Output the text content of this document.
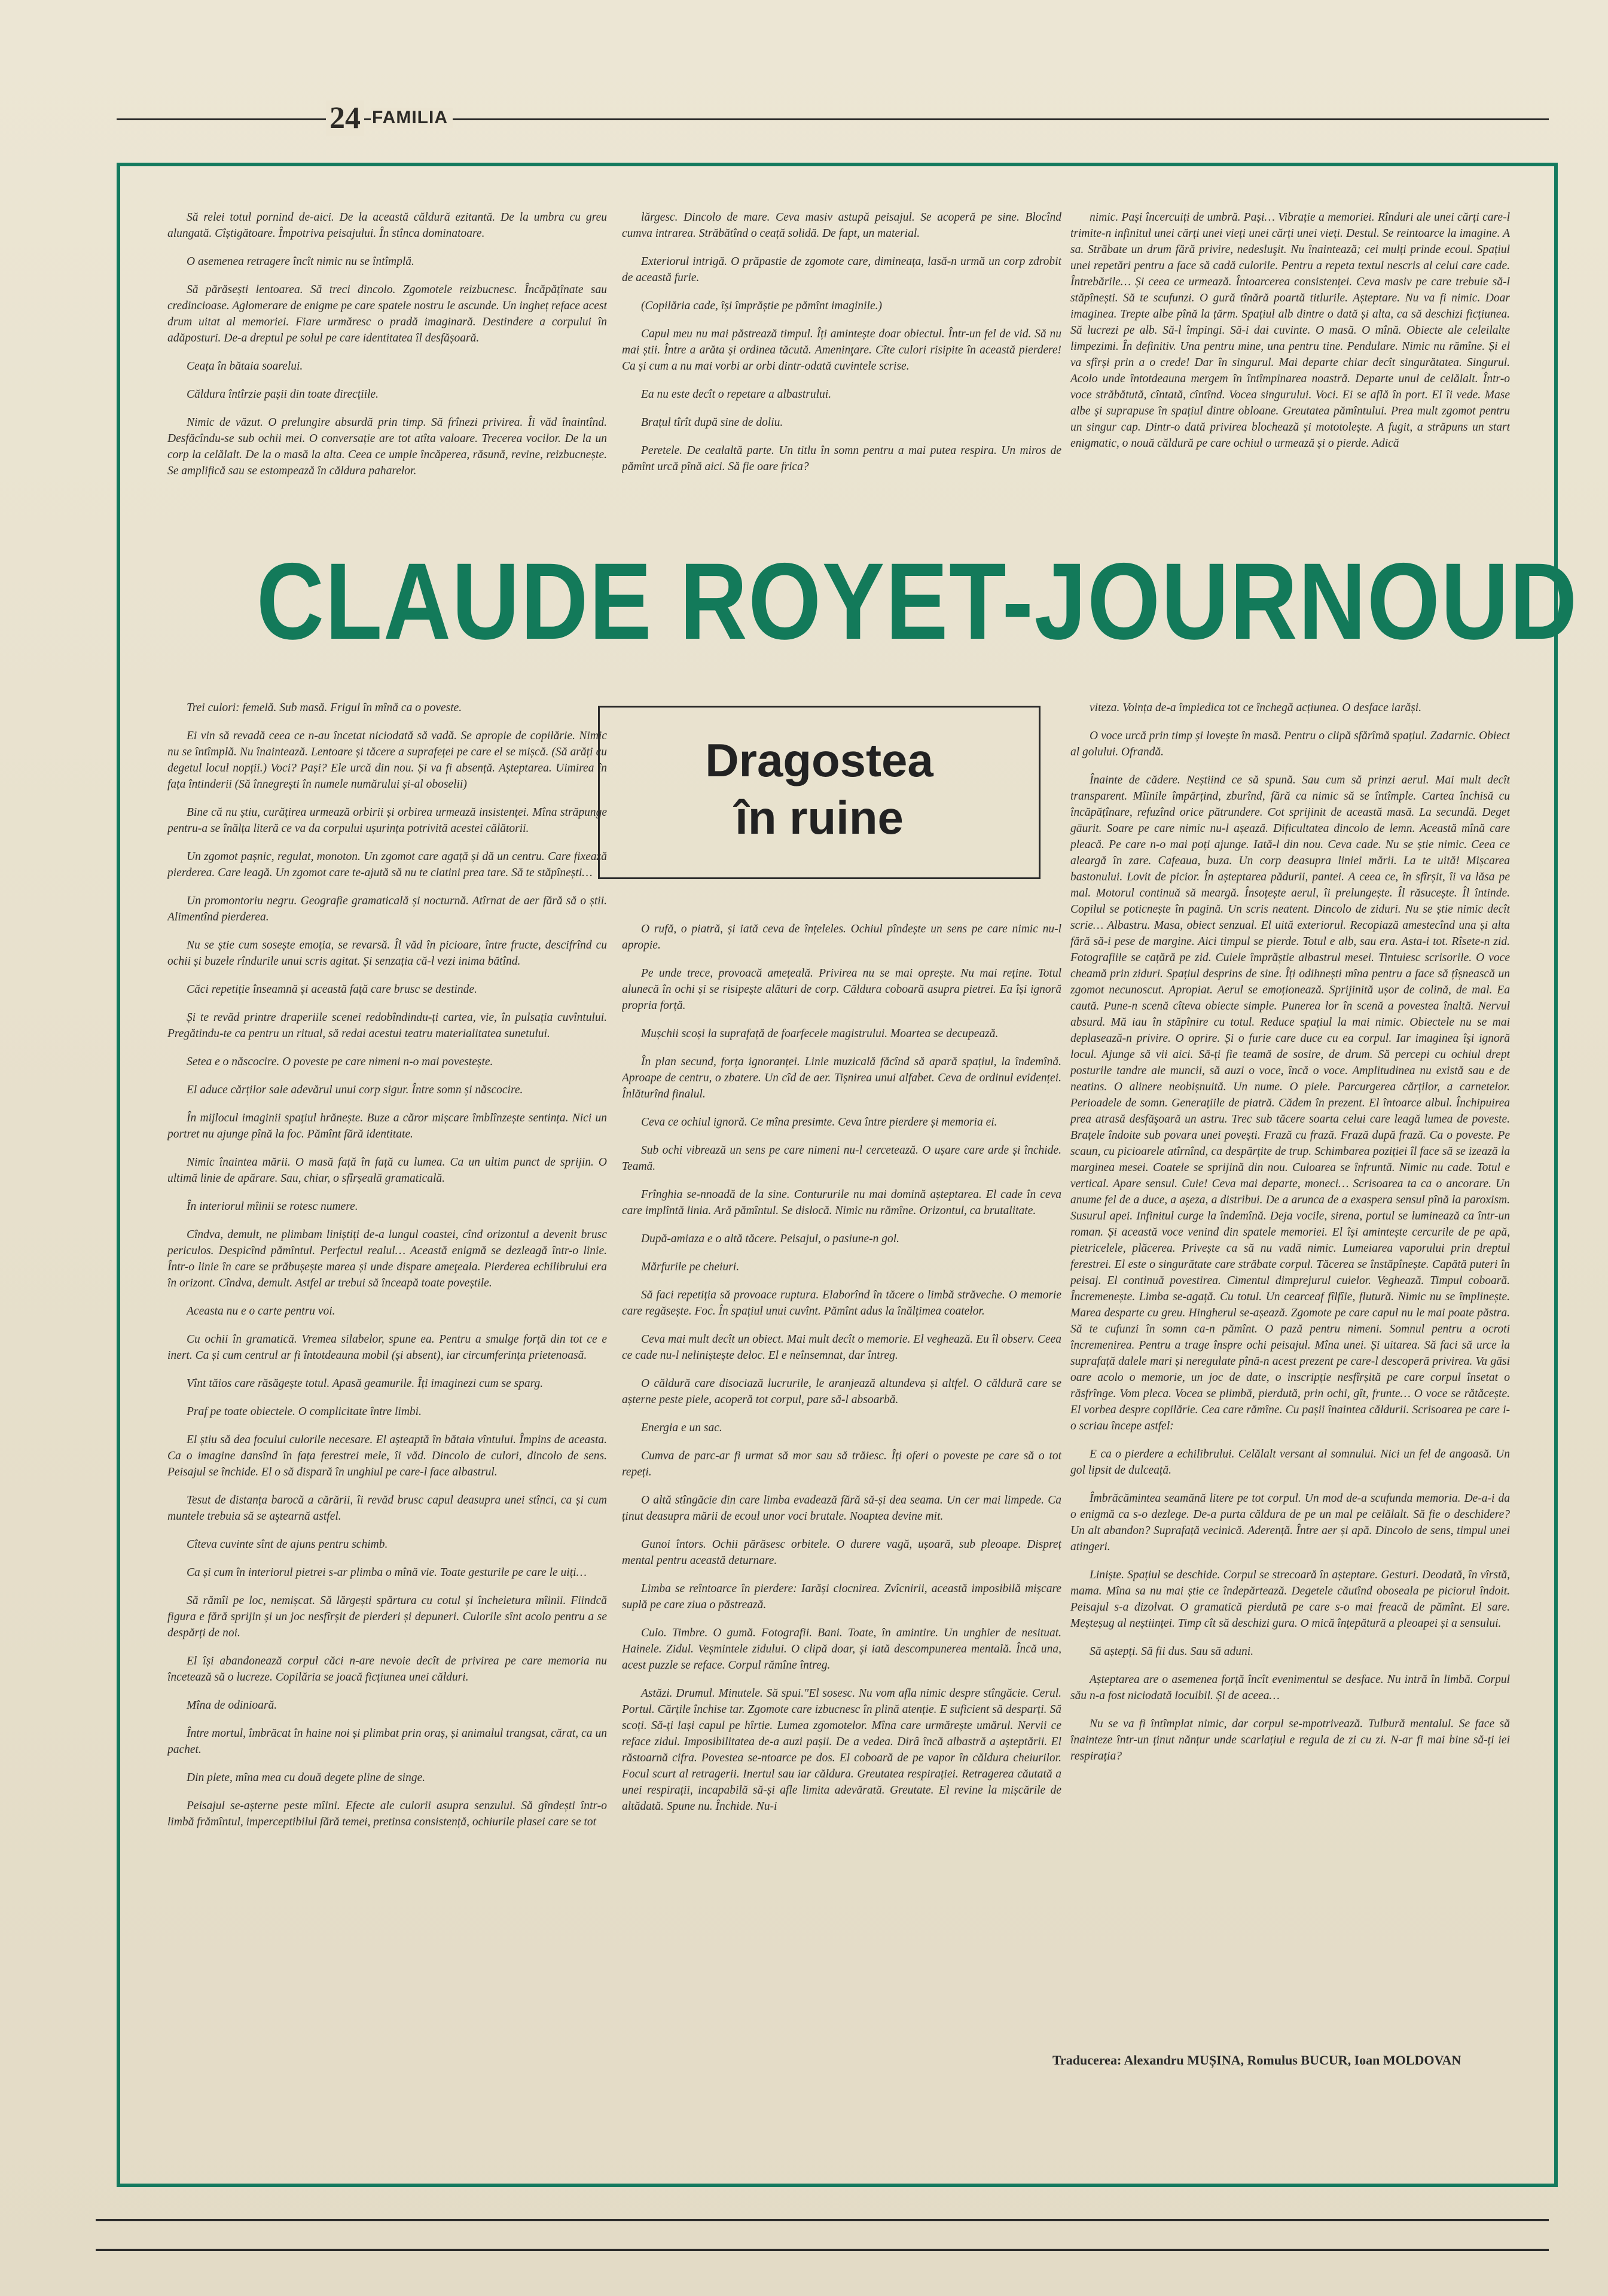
24 FAMILIA

Să relei totul pornind de-aici. De la această căldură ezitantă. De la umbra cu greu alungată. Cîștigătoare. Împotriva peisajului. În stînca dominatoare.

O asemenea retragere încît nimic nu se întîmplă.

Să părăsești lentoarea. Să treci dincolo. Zgomotele reizbucnesc. Încăpățînate sau credincioase. Aglomerare de enigme pe care spatele nostru le ascunde. Un ingheț reface acest drum uitat al memoriei. Fiare urmăresc o pradă imaginară. Destindere a corpului în adăposturi. De-a dreptul pe solul pe care identitatea îl desfășoară.

Ceața în bătaia soarelui.

Căldura întîrzie pașii din toate direcțiile.

Nimic de văzut. O prelungire absurdă prin timp. Să frînezi privirea. Îi văd înaintînd. Desfăcîndu-se sub ochii mei. O conversație are tot atîta valoare. Trecerea vocilor. De la un corp la celălalt. De la o masă la alta. Ceea ce umple încăperea, răsună, revine, reizbucnește. Se amplifică sau se estompează în căldura paharelor.

lărgesc. Dincolo de mare. Ceva masiv astupă peisajul. Se acoperă pe sine. Blocînd cumva intrarea. Străbătînd o ceață solidă. De fapt, un material.

Exteriorul intrigă. O prăpastie de zgomote care, dimineața, lasă-n urmă un corp zdrobit de această furie.

(Copilăria cade, își împrăștie pe pămînt imaginile.)

Capul meu nu mai păstrează timpul. Îți amintește doar obiectul. Într-un fel de vid. Să nu mai știi. Între a arăta și ordinea tăcută. Ameninţare. Cîte culori risipite în această pierdere! Ca și cum a nu mai vorbi ar orbi dintr-odată cuvintele scrise.

Ea nu este decît o repetare a albastrului.

Brațul tîrît după sine de doliu.

Peretele. De cealaltă parte. Un titlu în somn pentru a mai putea respira. Un miros de pămînt urcă pînă aici. Să fie oare frica?

nimic. Pași încercuiți de umbră. Pași… Vibrație a memoriei. Rînduri ale unei cărți care-l trimite-n infinitul unei cărți unei vieți unei cărți unei vieți. Destul. Se reintoarce la imagine. A sa. Străbate un drum fără privire, nedesluşit. Nu înaintează; cei mulți prinde ecoul. Spațiul unei repetări pentru a face să cadă culorile. Pentru a repeta textul nescris al celui care cade. Întrebările… Și ceea ce urmează. Întoarcerea consistenței. Ceva masiv pe care trebuie să-l stăpînești. Să te scufunzi. O gură tînără poartă titlurile. Așteptare. Nu va fi nimic. Doar imaginea. Trepte albe pînă la țărm. Spațiul alb dintre o dată și alta, ca să deschizi ficțiunea. Să lucrezi pe alb. Să-l împingi. Să-i dai cuvinte. O masă. O mînă. Obiecte ale celeilalte limpezimi. În definitiv. Una pentru mine, una pentru tine. Pendulare. Nimic nu rămîne. Și el va sfîrși prin a o crede! Dar în singurul. Mai departe chiar decît singurătatea. Singurul. Acolo unde întotdeauna mergem în întîmpinarea noastră. Departe unul de celălalt. Într-o voce străbătută, cîntată, cîntînd. Vocea singurului. Voci. Ei se află în port. El îi vede. Mase albe și suprapuse în spațiul dintre obloane. Greutatea pămîntului. Prea mult zgomot pentru un singur cap. Dintr-o dată privirea blochează și mototolește. A fugit, a străpuns un start enigmatic, o nouă căldură pe care ochiul o urmează și o pierde. Adică

CLAUDE ROYET-JOURNOUD

Trei culori: femelă. Sub masă. Frigul în mînă ca o poveste.

Ei vin să revadă ceea ce n-au încetat niciodată să vadă. Se apropie de copilărie. Nimic nu se întîmplă. Nu înaintează. Lentoare și tăcere a suprafeței pe care el se mișcă. (Să arăți cu degetul locul nopții.) Voci? Pași? Ele urcă din nou. Și va fi absență. Așteptarea. Uimirea în fața întinderii (Să înnegrești în numele numărului și-al oboselii)

Bine că nu știu, curățirea urmează orbirii și orbirea urmează insistenței. Mîna străpunge pentru-a se înălța literă ce va da corpului ușurința potrivită acestei călătorii.

Un zgomot pașnic, regulat, monoton. Un zgomot care agață și dă un centru. Care fixează pierderea. Care leagă. Un zgomot care te-ajută să nu te clatini prea tare. Să te stăpînești…

Un promontoriu negru. Geografie gramaticală și nocturnă. Atîrnat de aer fără să o știi. Alimentînd pierderea.

Nu se știe cum sosește emoția, se revarsă. Îl văd în picioare, între fructe, descifrînd cu ochii și buzele rîndurile unui scris agitat. Și senzația că-l vezi inima bătînd.

Căci repetiție înseamnă și această față care brusc se destinde.

Și te revăd printre draperiile scenei redobîndindu-ți cartea, vie, în pulsația cuvîntului. Pregătindu-te ca pentru un ritual, să redai acestui teatru materialitatea sunetului.

Setea e o născocire. O poveste pe care nimeni n-o mai povestește.

El aduce cărților sale adevărul unui corp sigur. Între somn și născocire.

În mijlocul imaginii spațiul hrănește. Buze a căror mișcare îmblînzește sentința. Nici un portret nu ajunge pînă la foc. Pămînt fără identitate.

Nimic înaintea mării. O masă față în față cu lumea. Ca un ultim punct de sprijin. O ultimă linie de apărare. Sau, chiar, o sfîrșeală gramaticală.

În interiorul mîinii se rotesc numere.

Cîndva, demult, ne plimbam liniștiți de-a lungul coastei, cînd orizontul a devenit brusc periculos. Despicînd pămîntul. Perfectul realul… Această enigmă se dezleagă într-o linie. Într-o linie în care se prăbușește marea și unde dispare ameţeala. Pierderea echilibrului era în orizont. Cîndva, demult. Astfel ar trebui să înceapă toate poveștile.

Aceasta nu e o carte pentru voi.

Cu ochii în gramatică. Vremea silabelor, spune ea. Pentru a smulge forță din tot ce e inert. Ca și cum centrul ar fi întotdeauna mobil (și absent), iar circumferința prietenoasă.

Vînt tăios care răsăgește totul. Apasă geamurile. Îți imaginezi cum se sparg.

Praf pe toate obiectele. O complicitate între limbi.

El știu să dea focului culorile necesare. El așteaptă în bătaia vîntului. Împins de aceasta. Ca o imagine dansînd în fața ferestrei mele, îi văd. Dincolo de culori, dincolo de sens. Peisajul se închide. El o să dispară în unghiul pe care-l face albastrul.

Tesut de distanța barocă a cărării, îi revăd brusc capul deasupra unei stînci, ca și cum muntele trebuia să se aştearnă astfel.

Cîteva cuvinte sînt de ajuns pentru schimb.

Ca și cum în interiorul pietrei s-ar plimba o mînă vie. Toate gesturile pe care le uiți…

Să rămîi pe loc, nemișcat. Să lărgești spărtura cu cotul și încheietura mîinii. Fiindcă figura e fără sprijin și un joc nesfîrșit de pierderi și depuneri. Culorile sînt acolo pentru a se despărți de noi.

El își abandonează corpul căci n-are nevoie decît de privirea pe care memoria nu încetează să o lucreze. Copilăria se joacă ficțiunea unei călduri.

Mîna de odinioară.

Între mortul, îmbrăcat în haine noi și plimbat prin oraș, și animalul trangsat, cărat, ca un pachet.

Din plete, mîna mea cu două degete pline de singe.

Peisajul se-așterne peste mîini. Efecte ale culorii asupra senzului. Să gîndești într-o limbă frămîntul, imperceptibilul fără temei, pretinsa consistență, ochiurile plasei care se tot

Dragostea
în ruine

O rufă, o piatră, și iată ceva de înțeleles. Ochiul pîndește un sens pe care nimic nu-l apropie.

Pe unde trece, provoacă amețeală. Privirea nu se mai oprește. Nu mai reține. Totul alunecă în ochi și se risipește alături de corp. Căldura coboară asupra pietrei. Ea își ignoră propria forță.

Mușchii scoși la suprafață de foarfecele magistrului. Moartea se decupează.

În plan secund, forța ignoranței. Linie muzicală făcînd să apară spațiul, la îndemînă. Aproape de centru, o zbatere. Un cîd de aer. Tișnirea unui alfabet. Ceva de ordinul evidenței. Înlăturînd finalul.

Ceva ce ochiul ignoră. Ce mîna presimte. Ceva între pierdere și memoria ei.

Sub ochi vibrează un sens pe care nimeni nu-l cercetează. O ușare care arde și închide. Teamă.

Frînghia se-nnoadă de la sine. Contururile nu mai domină așteptarea. El cade în ceva care implîntă linia. Ară pămîntul. Se dislocă. Nimic nu rămîne. Orizontul, ca brutalitate.

După-amiaza e o altă tăcere. Peisajul, o pasiune-n gol.

Mărfurile pe cheiuri.

Să faci repetiția să provoace ruptura. Elaborînd în tăcere o limbă străveche. O memorie care regăsește. Foc. În spațiul unui cuvînt. Pămînt adus la înălțimea coatelor.

Ceva mai mult decît un obiect. Mai mult decît o memorie. El veghează. Eu îl observ. Ceea ce cade nu-l neliniștește deloc. El e neînsemnat, dar întreg.

O căldură care disociază lucrurile, le aranjează altundeva și altfel. O căldură care se așterne peste piele, acoperă tot corpul, pare să-l absoarbă.

Energia e un sac.

Cumva de parc-ar fi urmat să mor sau să trăiesc. Îți oferi o poveste pe care să o tot repeți.

O altă stîngăcie din care limba evadează fără să-și dea seama. Un cer mai limpede. Ca ținut deasupra mării de ecoul unor voci brutale. Noaptea devine mit.

Gunoi întors. Ochii părăsesc orbitele. O durere vagă, ușoară, sub pleoape. Dispreț mental pentru această deturnare.

Limba se reîntoarce în pierdere: Iarăși clocnirea. Zvîcnirii, această imposibilă mișcare suplă pe care ziua o păstrează.

Culo. Timbre. O gumă. Fotografii. Bani. Toate, în amintire. Un unghier de nesituat. Hainele. Zidul. Veșmintele zidului. O clipă doar, și iată descompunerea mentală. Încă una, acest puzzle se reface. Corpul rămîne întreg.

Astăzi. Drumul. Minutele. Să spui."El sosesc. Nu vom afla nimic despre stîngăcie. Cerul. Portul. Cărțile închise tar. Zgomote care izbucnesc în plină atenție. E suficient să desparți. Să scoți. Să-ți lași capul pe hîrtie. Lumea zgomotelor. Mîna care urmărește umărul. Nervii ce reface zidul. Imposibilitatea de-a auzi pașii. De a vedea. Dirâ încă albastră a așteptării. El răstoarnă cifra. Povestea se-ntoarce pe dos. El coboară de pe vapor în căldura cheiurilor. Focul scurt al retragerii. Inertul sau iar căldura. Greutatea respirației. Retragerea căutată a unei respirații, incapabilă să-și afle limita adevărată. Greutate. El revine la mișcările de altădată. Spune nu. Închide. Nu-i

viteza. Voința de-a împiedica tot ce închegă acțiunea. O desface iarăși.

O voce urcă prin timp și lovește în masă. Pentru o clipă sfărîmă spațiul. Zadarnic. Obiect al golului. Ofrandă.

Înainte de cădere. Neștiind ce să spună. Sau cum să prinzi aerul. Mai mult decît transparent. Mîinile împărțind, zburînd, fără ca nimic să se întîmple. Cartea închisă cu încăpățînare, refuzînd orice pătrundere. Cot sprijinit de această masă. La secundă. Deget gäurit. Soare pe care nimic nu-l așează. Dificultatea dincolo de lemn. Această mînă care pleacă. Pe care n-o mai poți ajunge. Iată-l din nou. Ceva cade. Nu se știe nimic. Ceea ce aleargă în zare. Cafeaua, buza. Un corp deasupra liniei mării. La te uită! Mișcarea bastonului. Lovit de picior. În așteptarea pădurii, pantei. A ceea ce, în sfîrșit, îi va lăsa pe mal. Motorul continuă să meargă. Însoțește aerul, îi prelungește. Îl răsucește. Îl întinde. Copilul se poticnește în pagină. Un scris neatent. Dincolo de ziduri. Nu se știe nimic decît scrie… Albastru. Masa, obiect senzual. El uită exteriorul. Recopiază amestecînd una și alta fără să-i pese de margine. Aici timpul se pierde. Totul e alb, sau era. Asta-i tot. Rîsete-n zid. Fotografiile se cațără pe zid. Cuiele împrăștie albastrul mesei. Tintuiesc scrisorile. O voce cheamă prin ziduri. Spațiul desprins de sine. Îți odihnești mîna pentru a face să țîșnească un zgomot necunoscut. Apropiat. Aerul se emoționează. Sprijinită ușor de colină, de mal. Ea caută. Pune-n scenă cîteva obiecte simple. Punerea lor în scenă a povestea înaltă. Nervul absurd. Mă iau în stăpînire cu totul. Reduce spațiul la mai nimic. Obiectele nu se mai deplasează-n privire. O oprire. Și o furie care duce cu ea corpul. Iar imaginea își ignoră locul. Ajunge să vii aici. Să-ți fie teamă de sosire, de drum. Să percepi cu ochiul drept posturile tandre ale muncii, să auzi o voce, încă o voce. Amplitudinea nu există sau e de neatins. O alinere neobișnuită. Un nume. O piele. Parcurgerea cărților, a carnetelor. Perioadele de somn. Generațiile de piatră. Cădem în prezent. El întoarce albul. Închipuirea prea atrasă desfăşoară un astru. Trec sub tăcere soarta celui care leagă lumea de poveste. Brațele îndoite sub povara unei povești. Frază cu frază. Frază după frază. Ca o poveste. Pe scaun, cu picioarele atîrnînd, ca despărțite de trup. Schimbarea poziției îl face să se izează la marginea mesei. Coatele se sprijină din nou. Culoarea se înfruntă. Nimic nu cade. Totul e vertical. Apare sensul. Cuie! Ceva mai departe, moneci… Scrisoarea ta ca o ancorare. Un anume fel de a duce, a așeza, a distribui. De a arunca de a exaspera sensul pînă la paroxism. Susurul apei. Infinitul curge la îndemînă. Deja vocile, sirena, portul se luminează ca într-un roman. Și această voce venind din spatele memoriei. El își amintește cercurile de pe apă, pietricelele, plăcerea. Privește ca să nu vadă nimic. Lumeiarea vaporului prin dreptul ferestrei. El este o singurătate care străbate corpul. Tăcerea se înstăpînește. Capătă puteri în peisaj. El continuă povestirea. Cimentul dimprejurul cuielor. Veghează. Timpul coboară. Încremenește. Limba se-agață. Cu totul. Un cearceaf fîlfîie, flutură. Nimic nu se împlinește. Marea desparte cu greu. Hingherul se-așează. Zgomote pe care capul nu le mai poate păstra. Să te cufunzi în somn ca-n pămînt. O pază pentru nimeni. Somnul pentru a ocroti încremenirea. Pentru a trage înspre ochi peisajul. Mîna unei. Și uitarea. Să faci să urce la suprafață dalele mari și neregulate pînă-n acest prezent pe care-l descoperă privirea. Va găsi oare acolo o memorie, un joc de date, o inscripție nesfîrșită pe care corpul însetat o răsfrînge. Vom pleca. Vocea se plimbă, pierdută, prin ochi, gît, frunte… O voce se rătăcește. El vorbea despre copilărie. Cea care rămîne. Cu pașii înaintea căldurii. Scrisoarea pe care i-o scriau începe astfel:

E ca o pierdere a echilibrului. Celălalt versant al somnului. Nici un fel de angoasă. Un gol lipsit de dulceață.

Îmbrăcămintea seamănă litere pe tot corpul. Un mod de-a scufunda memoria. De-a-i da o enigmă ca s-o dezlege. De-a purta căldura de pe un mal pe celălalt. Să fie o deschidere? Un alt abandon? Suprafață vecinică. Aderență. Între aer și apă. Dincolo de sens, timpul unei atingeri.

Liniște. Spațiul se deschide. Corpul se strecoară în așteptare. Gesturi. Deodată, în vîrstă, mama. Mîna sa nu mai știe ce îndepărtează. Degetele căutînd oboseala pe piciorul îndoit. Peisajul s-a dizolvat. O gramatică pierdută pe care s-o mai freacă de pămînt. El sare. Meșteșug al neștiinței. Timp cît să deschizi gura. O mică înțepătură a pleoapei și a sensului.

Să aștepți. Să fii dus. Sau să aduni.

Așteptarea are o asemenea forță încît evenimentul se desface. Nu intră în limbă. Corpul său n-a fost niciodată locuibil. Și de aceea…

Nu se va fi întîmplat nimic, dar corpul se-mpotrivează. Tulbură mentalul. Se face să înainteze într-un ținut nănțur unde scarlațiul e regula de zi cu zi. N-ar fi mai bine să-ți iei respirația?

Traducerea: Alexandru MUȘINA, Romulus BUCUR, Ioan MOLDOVAN
